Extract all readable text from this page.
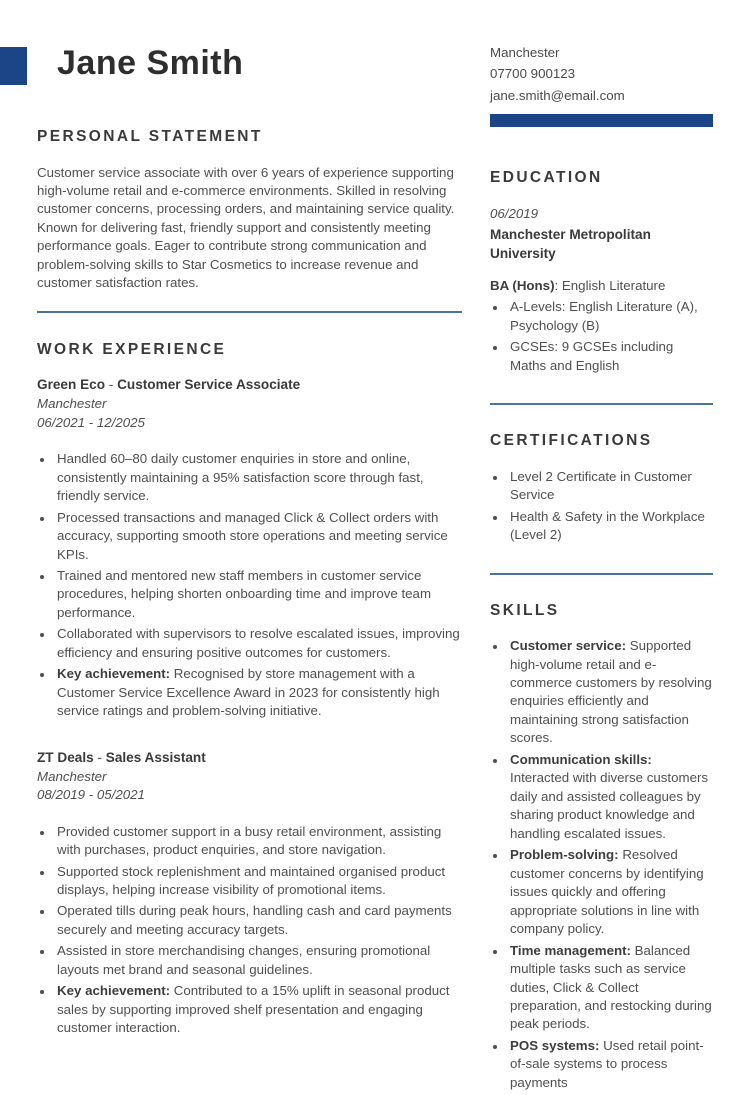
Jane Smith	Manchester
07700 900123
jane.smith@email.com
PERSONAL STATEMENT

Customer service associate with over 6 years of experience supporting high-volume retail and e-commerce environments. Skilled in resolving customer concerns, processing orders, and maintaining service quality. Known for delivering fast, friendly support and consistently meeting performance goals. Eager to contribute strong communication and problem-solving skills to Star Cosmetics to increase revenue and customer satisfaction rates.

WORK EXPERIENCE

Green Eco - Customer Service Associate

Manchester

06/2021 - 12/2025

• Handled 60–80 daily customer enquiries in store and online, consistently maintaining a 95% satisfaction score through fast, friendly service.
• Processed transactions and managed Click & Collect orders with accuracy, supporting smooth store operations and meeting service KPIs.
• Trained and mentored new staff members in customer service procedures, helping shorten onboarding time and improve team performance.
• Collaborated with supervisors to resolve escalated issues, improving efficiency and ensuring positive outcomes for customers.
• Key achievement: Recognised by store management with a Customer Service Excellence Award in 2023 for consistently high service ratings and problem-solving initiative.

ZT Deals - Sales Assistant

Manchester

08/2019 - 05/2021

• Provided customer support in a busy retail environment, assisting with purchases, product enquiries, and store navigation.
• Supported stock replenishment and maintained organised product displays, helping increase visibility of promotional items.
• Operated tills during peak hours, handling cash and card payments securely and meeting accuracy targets.
• Assisted in store merchandising changes, ensuring promotional layouts met brand and seasonal guidelines.
• Key achievement: Contributed to a 15% uplift in seasonal product sales by supporting improved shelf presentation and engaging customer interaction.
EDUCATION

06/2019

Manchester Metropolitan University

BA (Hons): English Literature

• A-Levels: English Literature (A), Psychology (B)
• GCSEs: 9 GCSEs including Maths and English
CERTIFICATIONS
• Level 2 Certificate in Customer Service
• Health & Safety in the Workplace (Level 2)
SKILLS
• Customer service: Supported high-volume retail and e-commerce customers by resolving enquiries efficiently and maintaining strong satisfaction scores.
• Communication skills: Interacted with diverse customers daily and assisted colleagues by sharing product knowledge and handling escalated issues.
• Problem-solving: Resolved customer concerns by identifying issues quickly and offering appropriate solutions in line with company policy.
• Time management: Balanced multiple tasks such as service duties, Click & Collect preparation, and restocking during peak periods.
• POS systems: Used retail point-of-sale systems to process payments
